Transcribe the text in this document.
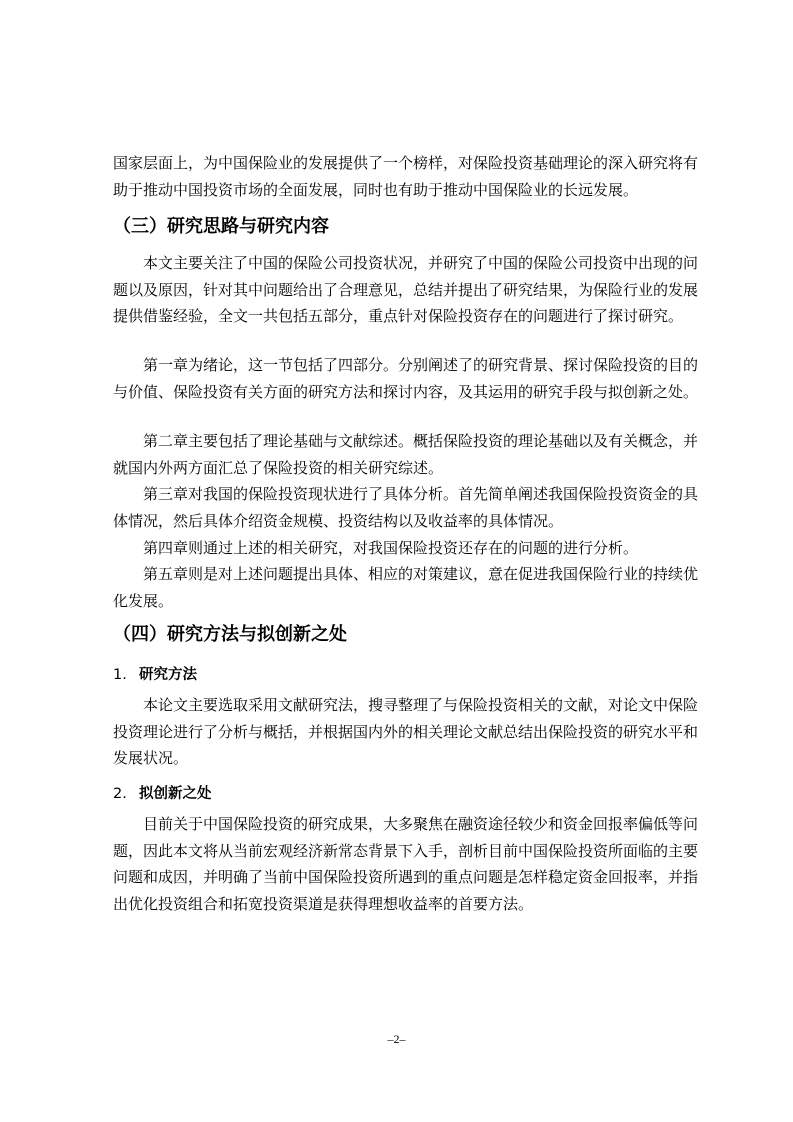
国家层面上，为中国保险业的发展提供了一个榜样，对保险投资基础理论的深入研究将有助于推动中国投资市场的全面发展，同时也有助于推动中国保险业的长远发展。

（三）研究思路与研究内容

本文主要关注了中国的保险公司投资状况，并研究了中国的保险公司投资中出现的问题以及原因，针对其中问题给出了合理意见，总结并提出了研究结果，为保险行业的发展提供借鉴经验，全文一共包括五部分，重点针对保险投资存在的问题进行了探讨研究。

第一章为绪论，这一节包括了四部分。分别阐述了的研究背景、探讨保险投资的目的与价值、保险投资有关方面的研究方法和探讨内容，及其运用的研究手段与拟创新之处。

第二章主要包括了理论基础与文献综述。概括保险投资的理论基础以及有关概念，并就国内外两方面汇总了保险投资的相关研究综述。

第三章对我国的保险投资现状进行了具体分析。首先简单阐述我国保险投资资金的具体情况，然后具体介绍资金规模、投资结构以及收益率的具体情况。

第四章则通过上述的相关研究，对我国保险投资还存在的问题的进行分析。

第五章则是对上述问题提出具体、相应的对策建议，意在促进我国保险行业的持续优化发展。

（四）研究方法与拟创新之处
1. 研究方法

本论文主要选取采用文献研究法，搜寻整理了与保险投资相关的文献，对论文中保险投资理论进行了分析与概括，并根据国内外的相关理论文献总结出保险投资的研究水平和发展状况。

2. 拟创新之处

目前关于中国保险投资的研究成果，大多聚焦在融资途径较少和资金回报率偏低等问题，因此本文将从当前宏观经济新常态背景下入手，剖析目前中国保险投资所面临的主要问题和成因，并明确了当前中国保险投资所遇到的重点问题是怎样稳定资金回报率，并指出优化投资组合和拓宽投资渠道是获得理想收益率的首要方法。

–2–
